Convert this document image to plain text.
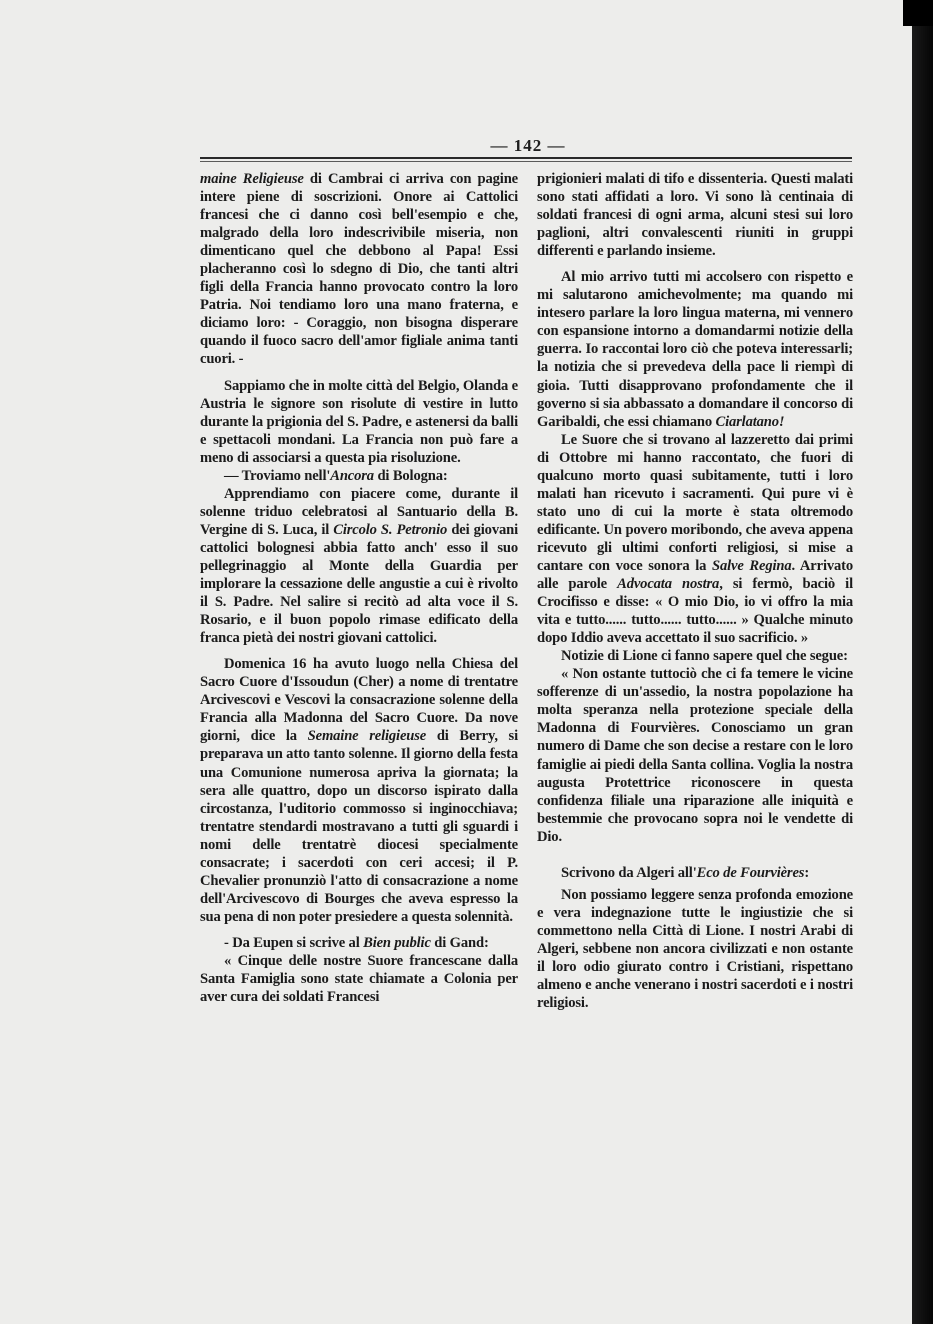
— 142 —

maine Religieuse di Cambrai ci arriva con pagine intere piene di soscrizioni. Onore ai Cattolici francesi che ci danno così bell'esempio e che, malgrado della loro indescrivibile miseria, non dimenticano quel che debbono al Papa! Essi placheranno così lo sdegno di Dio, che tanti altri figli della Francia hanno provocato contro la loro Patria. Noi tendiamo loro una mano fraterna, e diciamo loro: - Coraggio, non bisogna disperare quando il fuoco sacro dell'amor figliale anima tanti cuori. -

Sappiamo che in molte città del Belgio, Olanda e Austria le signore son risolute di vestire in lutto durante la prigionia del S. Padre, e astenersi da balli e spettacoli mondani. La Francia non può fare a meno di associarsi a questa pia risoluzione.

— Troviamo nell'Ancora di Bologna:

Apprendiamo con piacere come, durante il solenne triduo celebratosi al Santuario della B. Vergine di S. Luca, il Circolo S. Petronio dei giovani cattolici bolognesi abbia fatto anch' esso il suo pellegrinaggio al Monte della Guardia per implorare la cessazione delle angustie a cui è rivolto il S. Padre. Nel salire si recitò ad alta voce il S. Rosario, e il buon popolo rimase edificato della franca pietà dei nostri giovani cattolici.

Domenica 16 ha avuto luogo nella Chiesa del Sacro Cuore d'Issoudun (Cher) a nome di trentatre Arcivescovi e Vescovi la consacrazione solenne della Francia alla Madonna del Sacro Cuore. Da nove giorni, dice la Semaine religieuse di Berry, si preparava un atto tanto solenne. Il giorno della festa una Comunione numerosa apriva la giornata; la sera alle quattro, dopo un discorso ispirato dalla circostanza, l'uditorio commosso si inginocchiava; trentatre stendardi mostravano a tutti gli sguardi i nomi delle trentatrè diocesi specialmente consacrate; i sacerdoti con ceri accesi; il P. Chevalier pronunziò l'atto di consacrazione a nome dell'Arcivescovo di Bourges che aveva espresso la sua pena di non poter presiedere a questa solennità.

- Da Eupen si scrive al Bien public di Gand:

« Cinque delle nostre Suore francescane dalla Santa Famiglia sono state chiamate a Colonia per aver cura dei soldati Francesi

prigionieri malati di tifo e dissenteria. Questi malati sono stati affidati a loro. Vi sono là centinaia di soldati francesi di ogni arma, alcuni stesi sui loro paglioni, altri convalescenti riuniti in gruppi differenti e parlando insieme.

Al mio arrivo tutti mi accolsero con rispetto e mi salutarono amichevolmente; ma quando mi intesero parlare la loro lingua materna, mi vennero con espansione intorno a domandarmi notizie della guerra. Io raccontai loro ciò che poteva interessarli; la notizia che si prevedeva della pace li riempì di gioia. Tutti disapprovano profondamente che il governo si sia abbassato a domandare il concorso di Garibaldi, che essi chiamano Ciarlatano!

Le Suore che si trovano al lazzeretto dai primi di Ottobre mi hanno raccontato, che fuori di qualcuno morto quasi subitamente, tutti i loro malati han ricevuto i sacramenti. Qui pure vi è stato uno di cui la morte è stata oltremodo edificante. Un povero moribondo, che aveva appena ricevuto gli ultimi conforti religiosi, si mise a cantare con voce sonora la Salve Regina. Arrivato alle parole Advocata nostra, si fermò, baciò il Crocifisso e disse: « O mio Dio, io vi offro la mia vita e tutto...... tutto...... tutto...... » Qualche minuto dopo Iddio aveva accettato il suo sacrificio. »

Notizie di Lione ci fanno sapere quel che segue:

« Non ostante tuttociò che ci fa temere le vicine sofferenze di un'assedio, la nostra popolazione ha molta speranza nella protezione speciale della Madonna di Fourvières. Conosciamo un gran numero di Dame che son decise a restare con le loro famiglie ai piedi della Santa collina. Voglia la nostra augusta Protettrice riconoscere in questa confidenza filiale una riparazione alle iniquità e bestemmie che provocano sopra noi le vendette di Dio.

Scrivono da Algeri all'Eco de Fourvières:

Non possiamo leggere senza profonda emozione e vera indegnazione tutte le ingiustizie che si commettono nella Città di Lione. I nostri Arabi di Algeri, sebbene non ancora civilizzati e non ostante il loro odio giurato contro i Cristiani, rispettano almeno e anche venerano i nostri sacerdoti e i nostri religiosi.
